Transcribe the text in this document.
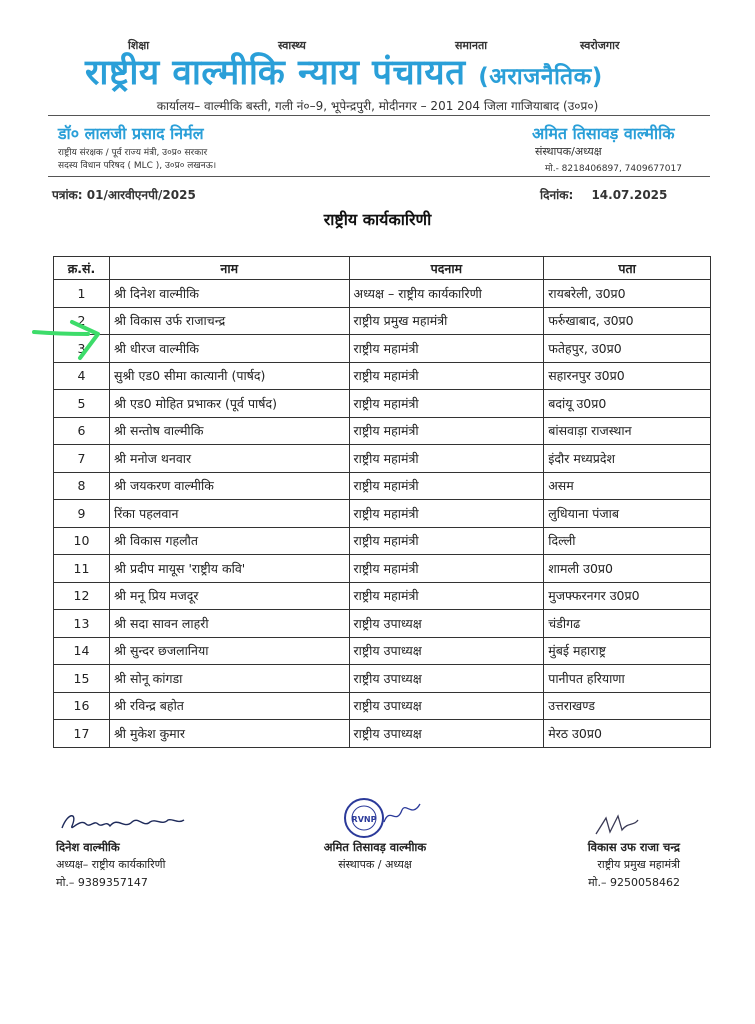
शिक्षा	स्वास्थ्य	समानता	स्वरोजगार
राष्ट्रीय वाल्मीकि न्याय पंचायत (अराजनैतिक)
कार्यालय– वाल्मीकि बस्ती, गली नं०–9, भूपेन्द्रपुरी, मोदीनगर – 201 204 जिला गाजियाबाद (उ०प्र०)
डॉ० लालजी प्रसाद निर्मल
राष्ट्रीय संरक्षक / पूर्व राज्य मंत्री, उ०प्र० सरकार
सदस्य विधान परिषद ( MLC ), उ०प्र० लखनऊ।
अमित तिसावड़ वाल्मीकि
संस्थापक/अध्यक्ष
मो.- 8218406897, 7409677017
पत्रांक: 01/आरवीएनपी/2025	दिनांक: 14.07.2025
राष्ट्रीय कार्यकारिणी
क्र.सं.	नाम	पदनाम	पता
1	श्री दिनेश वाल्मीकि	अध्यक्ष – राष्ट्रीय कार्यकारिणी	रायबरेली, उ0प्र0
2	श्री विकास उर्फ राजाचन्द्र	राष्ट्रीय प्रमुख महामंत्री	फर्रुखाबाद, उ0प्र0
3	श्री धीरज वाल्मीकि	राष्ट्रीय महामंत्री	फतेहपुर, उ0प्र0
4	सुश्री एड0 सीमा कात्यानी (पार्षद)	राष्ट्रीय महामंत्री	सहारनपुर उ0प्र0
5	श्री एड0 मोहित प्रभाकर (पूर्व पार्षद)	राष्ट्रीय महामंत्री	बदांयू उ0प्र0
6	श्री सन्तोष वाल्मीकि	राष्ट्रीय महामंत्री	बांसवाड़ा राजस्थान
7	श्री मनोज थनवार	राष्ट्रीय महामंत्री	इंदौर मध्यप्रदेश
8	श्री जयकरण वाल्मीकि	राष्ट्रीय महामंत्री	असम
9	रिंका पहलवान	राष्ट्रीय महामंत्री	लुधियाना पंजाब
10	श्री विकास गहलौत	राष्ट्रीय महामंत्री	दिल्ली
11	श्री प्रदीप मायूस 'राष्ट्रीय कवि'	राष्ट्रीय महामंत्री	शामली उ0प्र0
12	श्री मनू प्रिय मजदूर	राष्ट्रीय महामंत्री	मुजफ्फरनगर उ0प्र0
13	श्री सदा सावन लाहरी	राष्ट्रीय उपाध्यक्ष	चंडीगढ
14	श्री सुन्दर छजलानिया	राष्ट्रीय उपाध्यक्ष	मुंबई महाराष्ट्र
15	श्री सोनू कांगडा	राष्ट्रीय उपाध्यक्ष	पानीपत हरियाणा
16	श्री रविन्द्र बहोत	राष्ट्रीय उपाध्यक्ष	उत्तराखण्ड
17	श्री मुकेश कुमार	राष्ट्रीय उपाध्यक्ष	मेरठ उ0प्र0
RVNP
दिनेश वाल्मीकि
अध्यक्ष– राष्ट्रीय कार्यकारिणी
मो.– 9389357147
अमित तिसावड़ वाल्मीाक
संस्थापक / अध्यक्ष
विकास उफ राजा चन्द्र
राष्ट्रीय प्रमुख महामंत्री
मो.– 9250058462
